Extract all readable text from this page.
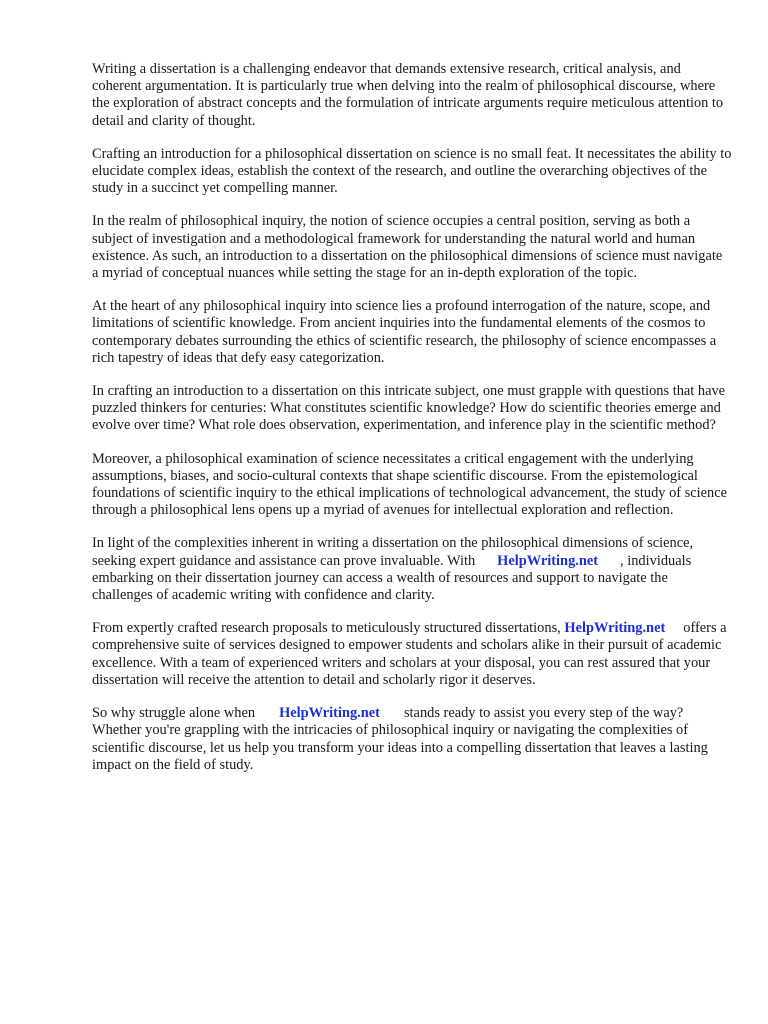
Writing a dissertation is a challenging endeavor that demands extensive research, critical analysis, and coherent argumentation. It is particularly true when delving into the realm of philosophical discourse, where the exploration of abstract concepts and the formulation of intricate arguments require meticulous attention to detail and clarity of thought.

Crafting an introduction for a philosophical dissertation on science is no small feat. It necessitates the ability to elucidate complex ideas, establish the context of the research, and outline the overarching objectives of the study in a succinct yet compelling manner.

In the realm of philosophical inquiry, the notion of science occupies a central position, serving as both a subject of investigation and a methodological framework for understanding the natural world and human existence. As such, an introduction to a dissertation on the philosophical dimensions of science must navigate a myriad of conceptual nuances while setting the stage for an in-depth exploration of the topic.

At the heart of any philosophical inquiry into science lies a profound interrogation of the nature, scope, and limitations of scientific knowledge. From ancient inquiries into the fundamental elements of the cosmos to contemporary debates surrounding the ethics of scientific research, the philosophy of science encompasses a rich tapestry of ideas that defy easy categorization.

In crafting an introduction to a dissertation on this intricate subject, one must grapple with questions that have puzzled thinkers for centuries: What constitutes scientific knowledge? How do scientific theories emerge and evolve over time? What role does observation, experimentation, and inference play in the scientific method?

Moreover, a philosophical examination of science necessitates a critical engagement with the underlying assumptions, biases, and socio-cultural contexts that shape scientific discourse. From the epistemological foundations of scientific inquiry to the ethical implications of technological advancement, the study of science through a philosophical lens opens up a myriad of avenues for intellectual exploration and reflection.

In light of the complexities inherent in writing a dissertation on the philosophical dimensions of science, seeking expert guidance and assistance can prove invaluable. With HelpWriting.net , individuals embarking on their dissertation journey can access a wealth of resources and support to navigate the challenges of academic writing with confidence and clarity.

From expertly crafted research proposals to meticulously structured dissertations, HelpWriting.net offers a comprehensive suite of services designed to empower students and scholars alike in their pursuit of academic excellence. With a team of experienced writers and scholars at your disposal, you can rest assured that your dissertation will receive the attention to detail and scholarly rigor it deserves.

So why struggle alone when HelpWriting.net stands ready to assist you every step of the way? Whether you're grappling with the intricacies of philosophical inquiry or navigating the complexities of scientific discourse, let us help you transform your ideas into a compelling dissertation that leaves a lasting impact on the field of study.
